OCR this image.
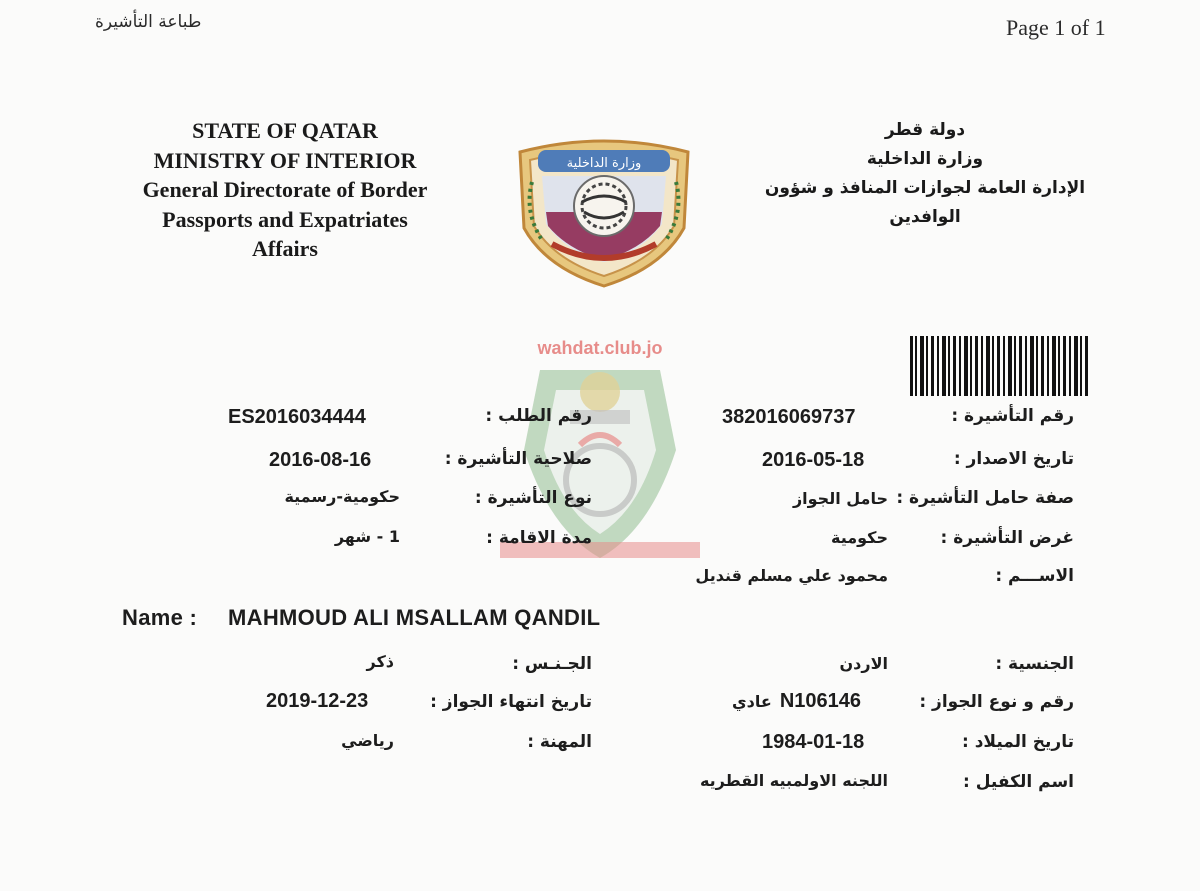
طباعة التأشيرة	Page 1 of 1
STATE OF QATAR
MINISTRY OF INTERIOR
General Directorate of Border
Passports and Expatriates
Affairs
دولة قطر
وزارة الداخلية
الإدارة العامة لجوازات المنافذ و شؤون
الوافدين
وزارة الداخلية
wahdat.club.jo
رقم التأشيرة :
382016069737
تاريخ الاصدار :
2016-05-18
صفة حامل التأشيرة :
حامل الجواز
غرض التأشيرة :
حكومية
الاســـم :
محمود علي مسلم قنديل
رقم الطلب :
ES2016034444
صلاحية التأشيرة :
2016-08-16
نوع التأشيرة :
حكومية-رسمية
مدة الاقامة :
1 - شهر
Name : MAHMOUD ALI MSALLAM QANDIL
الجنسية :
الاردن
رقم و نوع الجواز :
عادي N106146
تاريخ الميلاد :
1984-01-18
اسم الكفيل :
اللجنه الاولمبيه القطريه
الجـنـس :
ذكر
تاريخ انتهاء الجواز :
2019-12-23
المهنة :
رياضي
